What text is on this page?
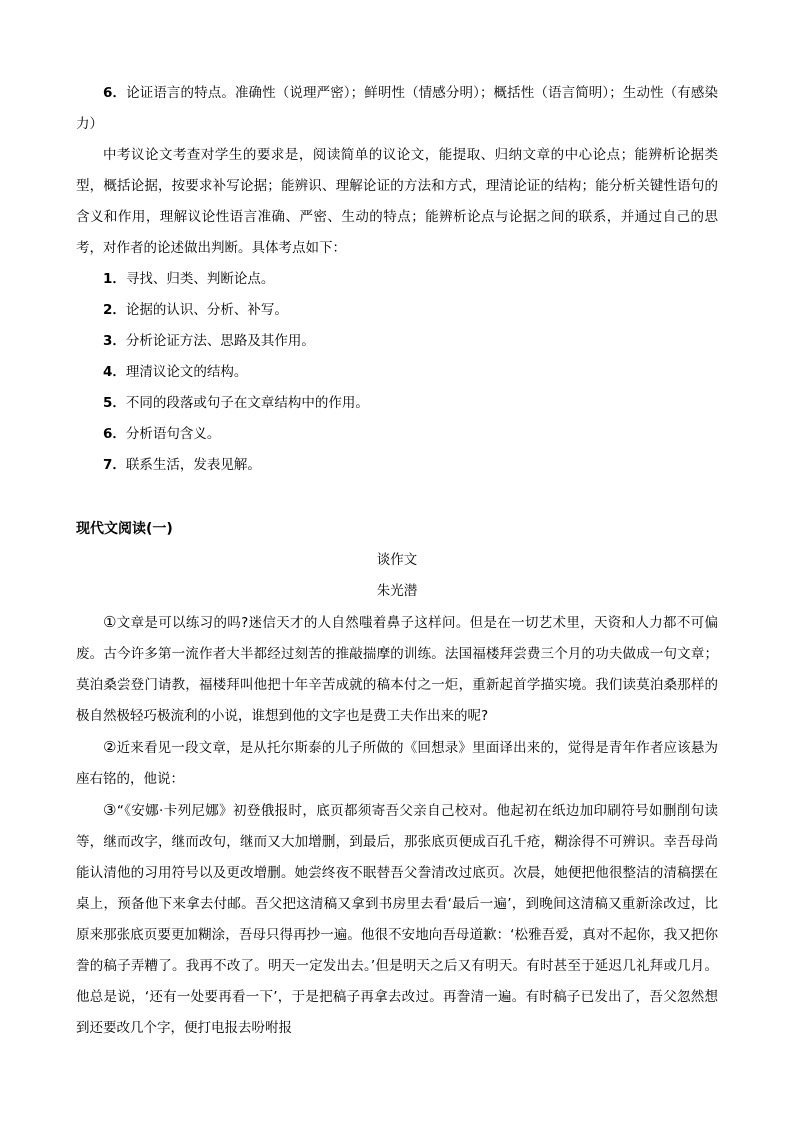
6．论证语言的特点。准确性（说理严密）；鲜明性（情感分明）；概括性（语言简明）；生动性（有感染力）

中考议论文考查对学生的要求是，阅读简单的议论文，能提取、归纳文章的中心论点；能辨析论据类型，概括论据，按要求补写论据；能辨识、理解论证的方法和方式，理清论证的结构；能分析关键性语句的含义和作用，理解议论性语言准确、严密、生动的特点；能辨析论点与论据之间的联系，并通过自己的思考，对作者的论述做出判断。具体考点如下：

1．寻找、归类、判断论点。

2．论据的认识、分析、补写。

3．分析论证方法、思路及其作用。

4．理清议论文的结构。

5．不同的段落或句子在文章结构中的作用。

6．分析语句含义。

7．联系生活，发表见解。

现代文阅读(一)

谈作文

朱光潜

①文章是可以练习的吗?迷信天才的人自然嗤着鼻子这样问。但是在一切艺术里，天资和人力都不可偏废。古今许多第一流作者大半都经过刻苦的推敲揣摩的训练。法国福楼拜尝费三个月的功夫做成一句文章；莫泊桑尝登门请教，福楼拜叫他把十年辛苦成就的稿本付之一炬，重新起首学描实境。我们读莫泊桑那样的极自然极轻巧极流利的小说，谁想到他的文字也是费工夫作出来的呢?

②近来看见一段文章，是从托尔斯泰的儿子所做的《回想录》里面译出来的，觉得是青年作者应该悬为座右铭的，他说：

③“《安娜·卡列尼娜》初登俄报时，底页都须寄吾父亲自己校对。他起初在纸边加印刷符号如删削句读等，继而改字，继而改句，继而又大加增删，到最后，那张底页便成百孔千疮，糊涂得不可辨识。幸吾母尚能认清他的习用符号以及更改增删。她尝终夜不眠替吾父誊清改过底页。次晨，她便把他很整洁的清稿摆在桌上，预备他下来拿去付邮。吾父把这清稿又拿到书房里去看‘最后一遍’，到晚间这清稿又重新涂改过，比原来那张底页要更加糊涂，吾母只得再抄一遍。他很不安地向吾母道歉：‘松雅吾爱，真对不起你，我又把你誊的稿子弄糟了。我再不改了。明天一定发出去。’但是明天之后又有明天。有时甚至于延迟几礼拜或几月。他总是说，‘还有一处要再看一下’，于是把稿子再拿去改过。再誊清一遍。有时稿子已发出了，吾父忽然想到还要改几个字，便打电报去吩咐报
